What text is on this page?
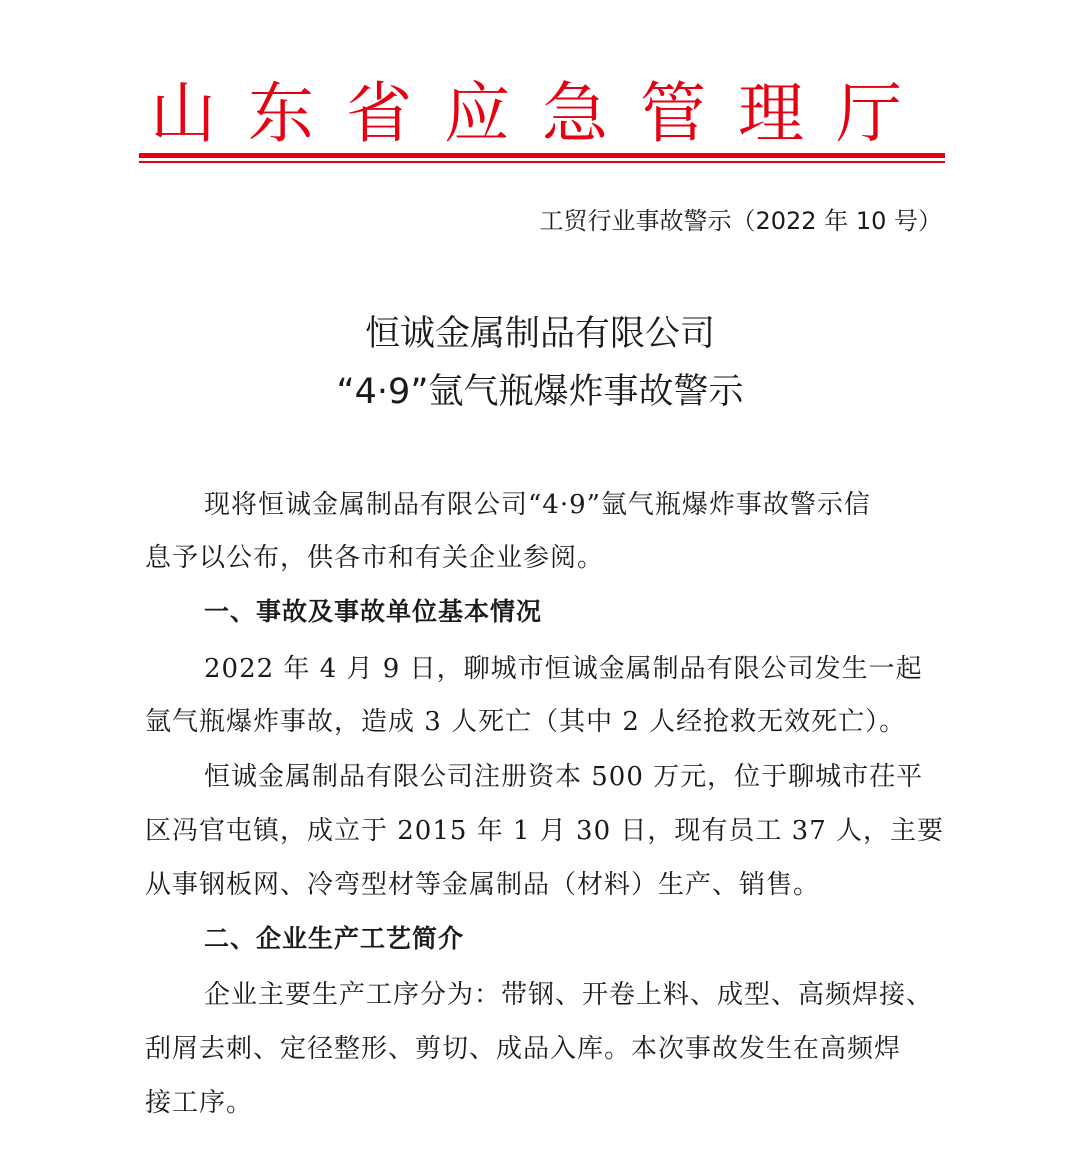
山东省应急管理厅
工贸行业事故警示（2022 年 10 号）
恒诚金属制品有限公司
“4·9”氩气瓶爆炸事故警示
现将恒诚金属制品有限公司“4·9”氩气瓶爆炸事故警示信
息予以公布，供各市和有关企业参阅。
一、事故及事故单位基本情况
2022 年 4 月 9 日，聊城市恒诚金属制品有限公司发生一起
氩气瓶爆炸事故，造成 3 人死亡（其中 2 人经抢救无效死亡）。
恒诚金属制品有限公司注册资本 500 万元，位于聊城市茌平
区冯官屯镇，成立于 2015 年 1 月 30 日，现有员工 37 人，主要
从事钢板网、冷弯型材等金属制品（材料）生产、销售。
二、企业生产工艺简介
企业主要生产工序分为：带钢、开卷上料、成型、高频焊接、
刮屑去刺、定径整形、剪切、成品入库。本次事故发生在高频焊
接工序。
